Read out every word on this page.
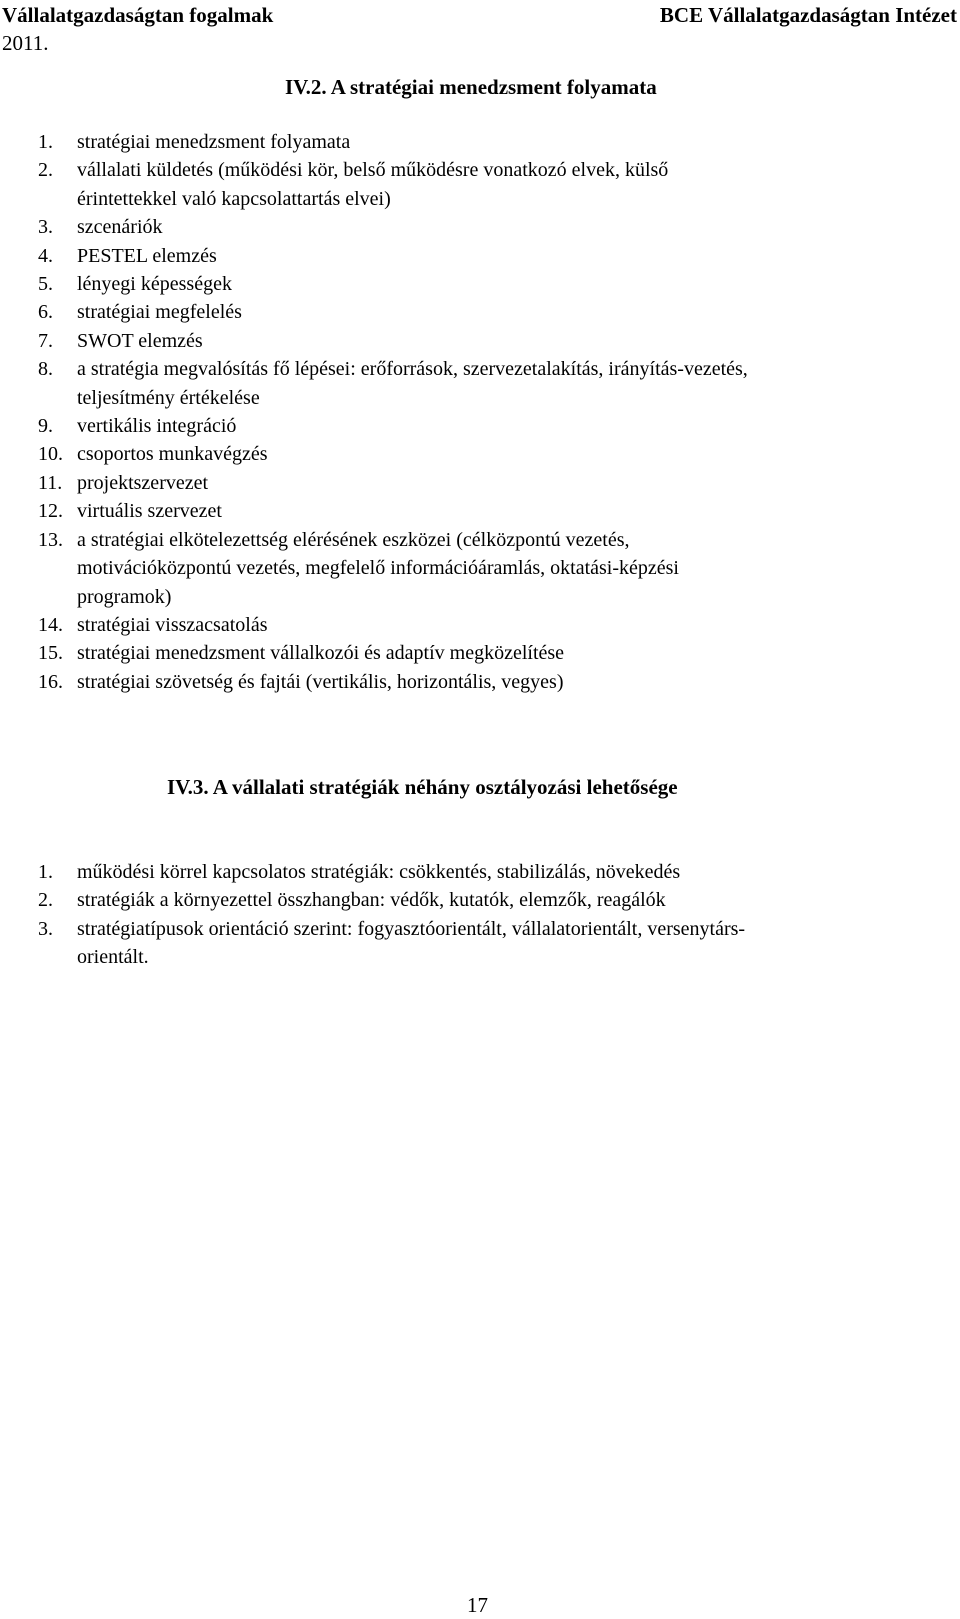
Vállalatgazdaságtan fogalmak	BCE Vállalatgazdaságtan Intézet
2011.
IV.2. A stratégiai menedzsment folyamata
1.	stratégiai menedzsment folyamata
2.	vállalati küldetés (működési kör, belső működésre vonatkozó elvek, külső
érintettekkel való kapcsolattartás elvei)
3.	szcenáriók
4.	PESTEL elemzés
5.	lényegi képességek
6.	stratégiai megfelelés
7.	SWOT elemzés
8.	a stratégia megvalósítás fő lépései: erőforrások, szervezetalakítás, irányítás-vezetés,
teljesítmény értékelése
9.	vertikális integráció
10. csoportos munkavégzés
11. projektszervezet
12. virtuális szervezet
13. a stratégiai elkötelezettség elérésének eszközei (célközpontú vezetés,
motivációközpontú vezetés, megfelelő információáramlás, oktatási-képzési
programok)
14. stratégiai visszacsatolás
15. stratégiai menedzsment vállalkozói és adaptív megközelítése
16. stratégiai szövetség és fajtái (vertikális, horizontális, vegyes)
IV.3. A vállalati stratégiák néhány osztályozási lehetősége
1.	működési körrel kapcsolatos stratégiák: csökkentés, stabilizálás, növekedés
2.	stratégiák a környezettel összhangban: védők, kutatók, elemzők, reagálók
3.	stratégiatípusok orientáció szerint: fogyasztóorientált, vállalatorientált, versenytárs-
orientált.
17
